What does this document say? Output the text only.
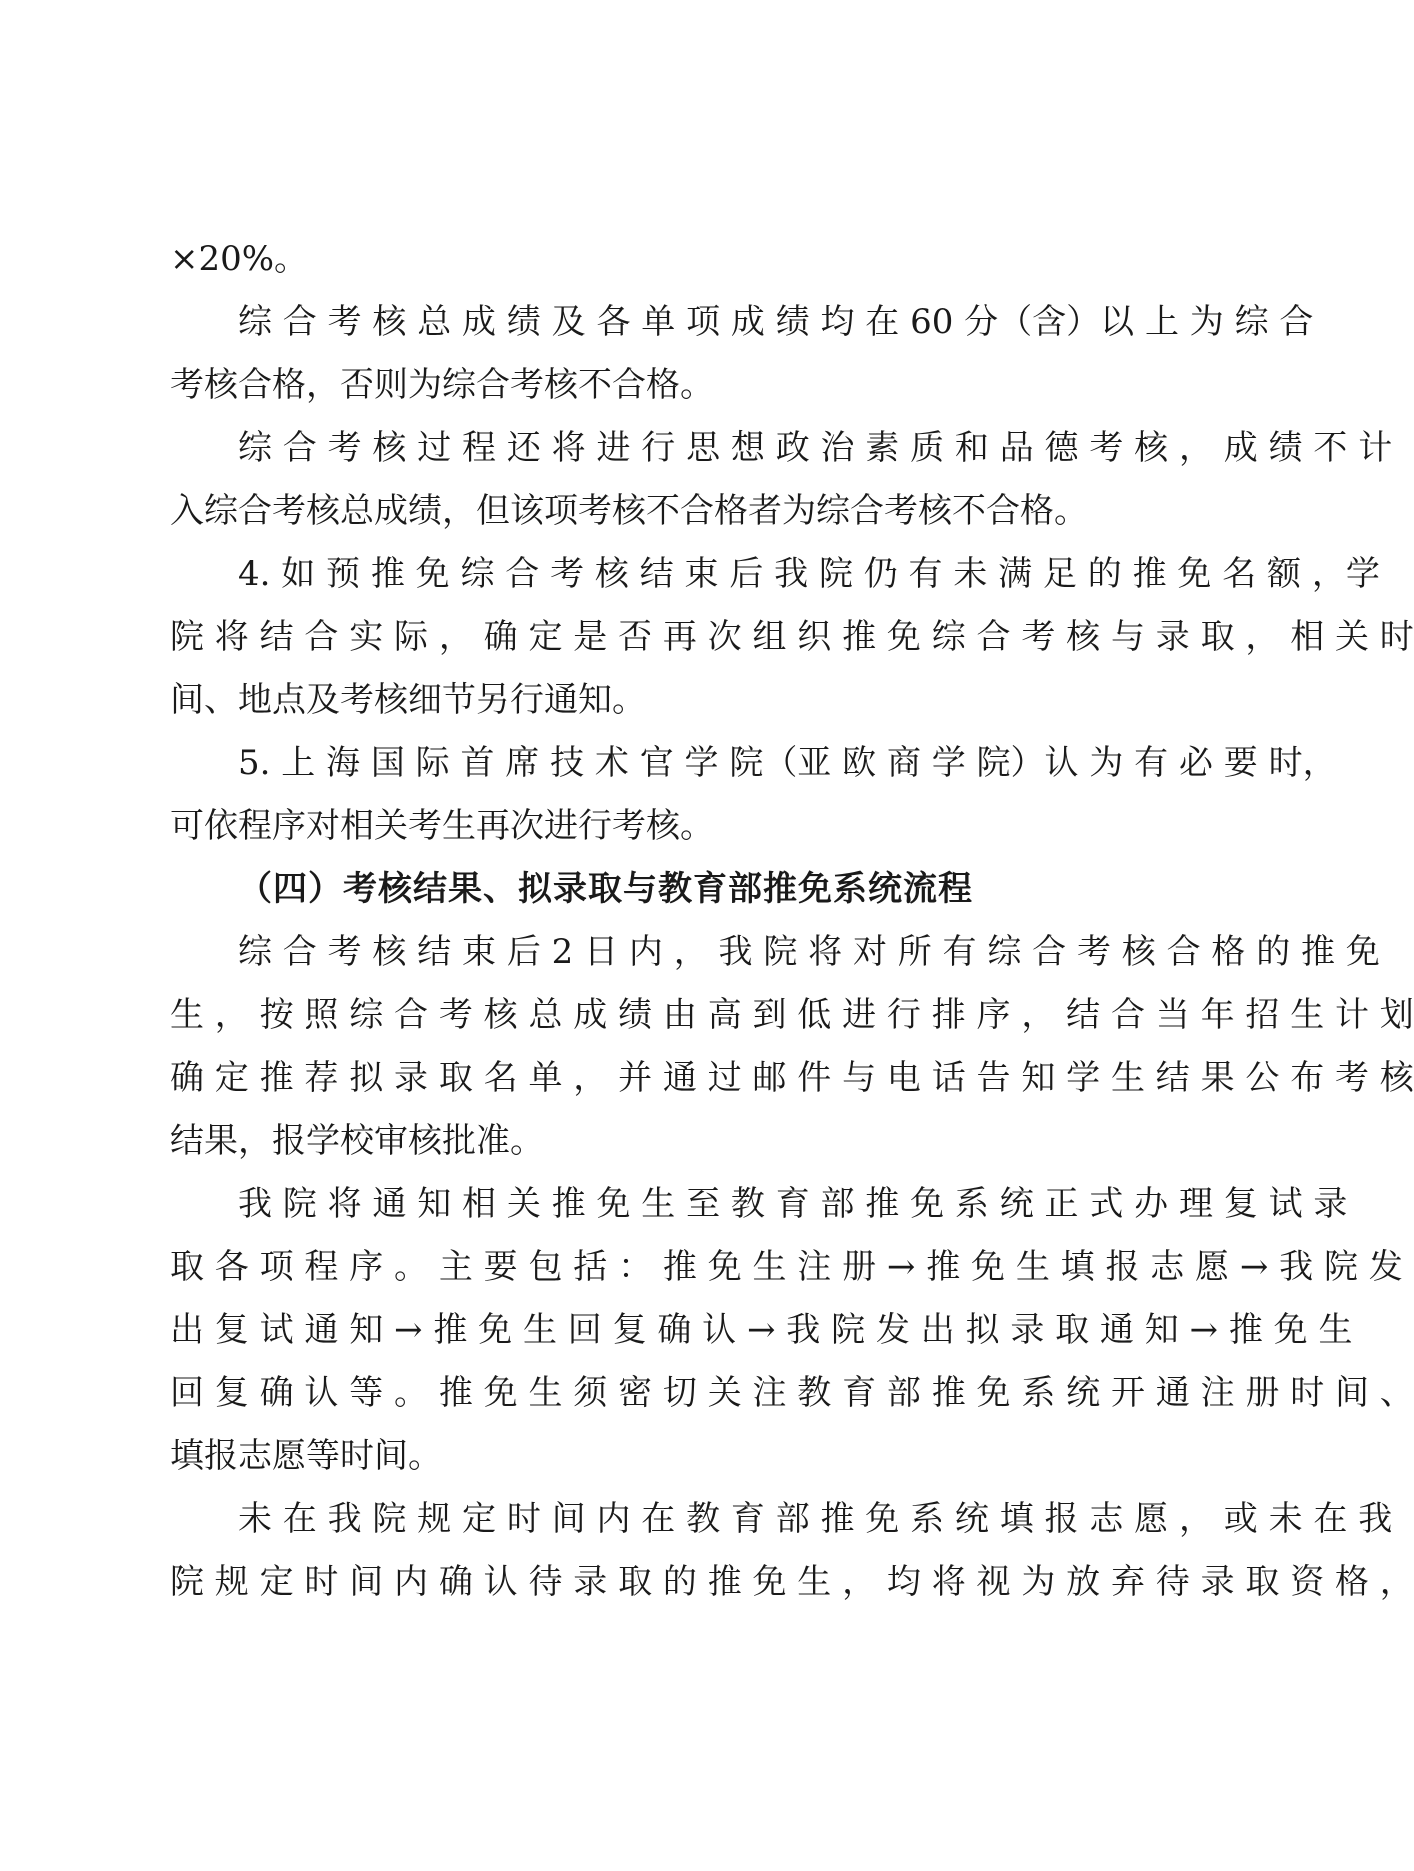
×20%。
综 合 考 核 总 成 绩 及 各 单 项 成 绩 均 在 60 分（含）以 上 为 综 合
考核合格，否则为综合考核不合格。
综 合 考 核 过 程 还 将 进 行 思 想 政 治 素 质 和 品 德 考 核 ， 成 绩 不 计
入综合考核总成绩，但该项考核不合格者为综合考核不合格。
4. 如 预 推 免 综 合 考 核 结 束 后 我 院 仍 有 未 满 足 的 推 免 名 额 ，学
院 将 结 合 实 际 ， 确 定 是 否 再 次 组 织 推 免 综 合 考 核 与 录 取 ， 相 关 时
间、地点及考核细节另行通知。
5. 上 海 国 际 首 席 技 术 官 学 院（亚 欧 商 学 院）认 为 有 必 要 时，
可依程序对相关考生再次进行考核。
（四）考核结果、拟录取与教育部推免系统流程
综 合 考 核 结 束 后 2 日 内 ， 我 院 将 对 所 有 综 合 考 核 合 格 的 推 免
生 ， 按 照 综 合 考 核 总 成 绩 由 高 到 低 进 行 排 序 ， 结 合 当 年 招 生 计 划
确 定 推 荐 拟 录 取 名 单 ， 并 通 过 邮 件 与 电 话 告 知 学 生 结 果 公 布 考 核
结果，报学校审核批准。
我 院 将 通 知 相 关 推 免 生 至 教 育 部 推 免 系 统 正 式 办 理 复 试 录
取 各 项 程 序 。 主 要 包 括 ： 推 免 生 注 册 → 推 免 生 填 报 志 愿 → 我 院 发
出 复 试 通 知 → 推 免 生 回 复 确 认 → 我 院 发 出 拟 录 取 通 知 → 推 免 生
回 复 确 认 等 。 推 免 生 须 密 切 关 注 教 育 部 推 免 系 统 开 通 注 册 时 间 、
填报志愿等时间。
未 在 我 院 规 定 时 间 内 在 教 育 部 推 免 系 统 填 报 志 愿 ， 或 未 在 我
院 规 定 时 间 内 确 认 待 录 取 的 推 免 生 ， 均 将 视 为 放 弃 待 录 取 资 格 ，
